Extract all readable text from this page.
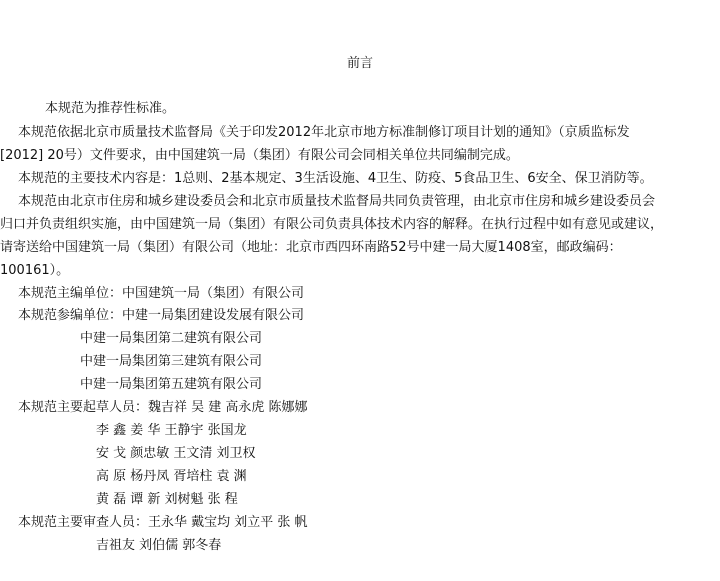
前言
本规范为推荐性标准。
本规范依据北京市质量技术监督局《关于印发2012年北京市地方标准制修订项目计划的通知》（京质监标发
[2012] 20号）文件要求，由中国建筑一局（集团）有限公司会同相关单位共同编制完成。
本规范的主要技术内容是：1总则、2基本规定、3生活设施、4卫生、防疫、5食品卫生、6安全、保卫消防等。
本规范由北京市住房和城乡建设委员会和北京市质量技术监督局共同负责管理，由北京市住房和城乡建设委员会
归口并负责组织实施，由中国建筑一局（集团）有限公司负责具体技术内容的解释。在执行过程中如有意见或建议，
请寄送给中国建筑一局（集团）有限公司（地址：北京市西四环南路52号中建一局大厦1408室，邮政编码：
100161）。
本规范主编单位：中国建筑一局（集团）有限公司
本规范参编单位：中建一局集团建设发展有限公司
中建一局集团第二建筑有限公司
中建一局集团第三建筑有限公司
中建一局集团第五建筑有限公司
本规范主要起草人员：魏吉祥 吴 建 高永虎 陈娜娜
李 鑫 姜 华 王静宇 张国龙
安 戈 颜忠敏 王文清 刘卫权
高 原 杨丹凤 胥培柱 袁 渊
黄 磊 谭 新 刘树魁 张 程
本规范主要审查人员：王永华 戴宝均 刘立平 张 帆
吉祖友 刘伯儒 郭冬春
